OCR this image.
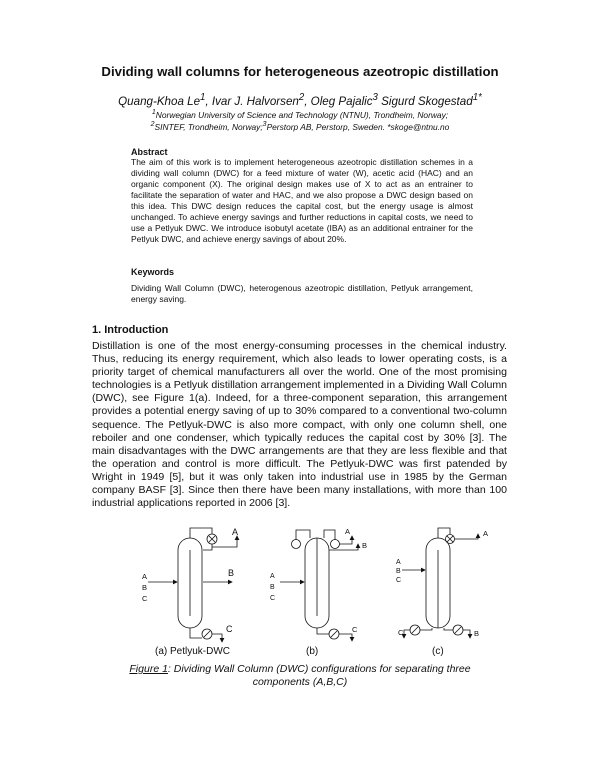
Dividing wall columns for heterogeneous azeotropic distillation
Quang-Khoa Le$^1$, Ivar J. Halvorsen$^2$, Oleg Pajalic$^3$ Sigurd Skogestad$^{1*}$
$^1$Norwegian University of Science and Technology (NTNU), Trondheim, Norway;
$^2$SINTEF, Trondheim, Norway;$^3$Perstorp AB, Perstorp, Sweden. *skoge@ntnu.no
Abstract
The aim of this work is to implement heterogeneous azeotropic distillation schemes in a dividing wall column (DWC) for a feed mixture of water (W), acetic acid (HAC) and an organic component (X). The original design makes use of X to act as an entrainer to facilitate the separation of water and HAC, and we also propose a DWC design based on this idea. This DWC design reduces the capital cost, but the energy usage is almost unchanged. To achieve energy savings and further reductions in capital costs, we need to use a Petlyuk DWC. We introduce isobutyl acetate (IBA) as an additional entrainer for the Petlyuk DWC, and achieve energy savings of about 20%.
Keywords
Dividing Wall Column (DWC), heterogenous azeotropic distillation, Petlyuk arrangement, energy saving.
1. Introduction
Distillation is one of the most energy-consuming processes in the chemical industry. Thus, reducing its energy requirement, which also leads to lower operating costs, is a priority target of chemical manufacturers all over the world. One of the most promising technologies is a Petlyuk distillation arrangement implemented in a Dividing Wall Column (DWC), see Figure 1(a). Indeed, for a three-component separation, this arrangement provides a potential energy saving of up to 30% compared to a conventional two-column sequence. The Petlyuk-DWC is also more compact, with only one column shell, one reboiler and one condenser, which typically reduces the capital cost by 30% [3]. The main disadvantages with the DWC arrangements are that they are less flexible and that the operation and control is more difficult. The Petlyuk-DWC was first patended by Wright in 1949 [5], but it was only taken into industrial use in 1985 by the German company BASF [3]. Since then there have been many installations, with more than 100 industrial applications reported in 2006 [3].
A
A
B
C
B
C
A
A
B
C
B
C
A
A
B
C
C	B
(a) Petlyuk-DWC	(b)	(c)
Figure 1: Dividing Wall Column (DWC) configurations for separating three
components (A,B,C)
